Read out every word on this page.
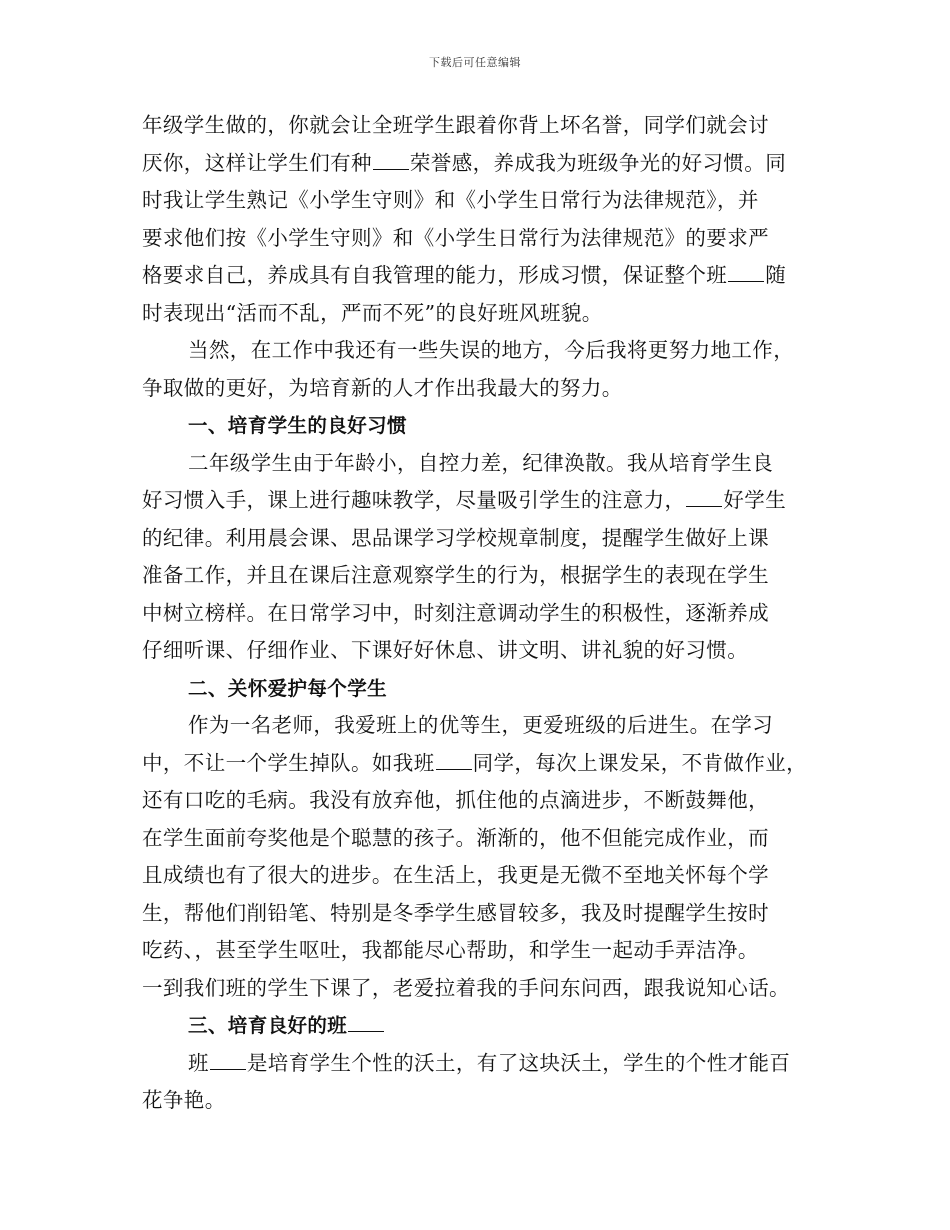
下载后可任意编辑
年级学生做的，你就会让全班学生跟着你背上坏名誉，同学们就会讨
厌你，这样让学生们有种 荣誉感，养成我为班级争光的好习惯。同
时我让学生熟记《小学生守则》和《小学生日常行为法律规范》，并
要求他们按《小学生守则》和《小学生日常行为法律规范》的要求严
格要求自己，养成具有自我管理的能力，形成习惯，保证整个班 随
时表现出“活而不乱，严而不死”的良好班风班貌。
当然，在工作中我还有一些失误的地方，今后我将更努力地工作，
争取做的更好，为培育新的人才作出我最大的努力。
一、培育学生的良好习惯
二年级学生由于年龄小，自控力差，纪律涣散。我从培育学生良
好习惯入手，课上进行趣味教学，尽量吸引学生的注意力， 好学生
的纪律。利用晨会课、思品课学习学校规章制度，提醒学生做好上课
准备工作，并且在课后注意观察学生的行为，根据学生的表现在学生
中树立榜样。在日常学习中，时刻注意调动学生的积极性，逐渐养成
仔细听课、仔细作业、下课好好休息、讲文明、讲礼貌的好习惯。
二、关怀爱护每个学生
作为一名老师，我爱班上的优等生，更爱班级的后进生。在学习
中，不让一个学生掉队。如我班 同学，每次上课发呆，不肯做作业，
还有口吃的毛病。我没有放弃他，抓住他的点滴进步，不断鼓舞他，
在学生面前夸奖他是个聪慧的孩子。渐渐的，他不但能完成作业，而
且成绩也有了很大的进步。在生活上，我更是无微不至地关怀每个学
生，帮他们削铅笔、特别是冬季学生感冒较多，我及时提醒学生按时
吃药、，甚至学生呕吐，我都能尽心帮助，和学生一起动手弄洁净。
一到我们班的学生下课了，老爱拉着我的手问东问西，跟我说知心话。
三、培育良好的班
班 是培育学生个性的沃土，有了这块沃土，学生的个性才能百
花争艳。
